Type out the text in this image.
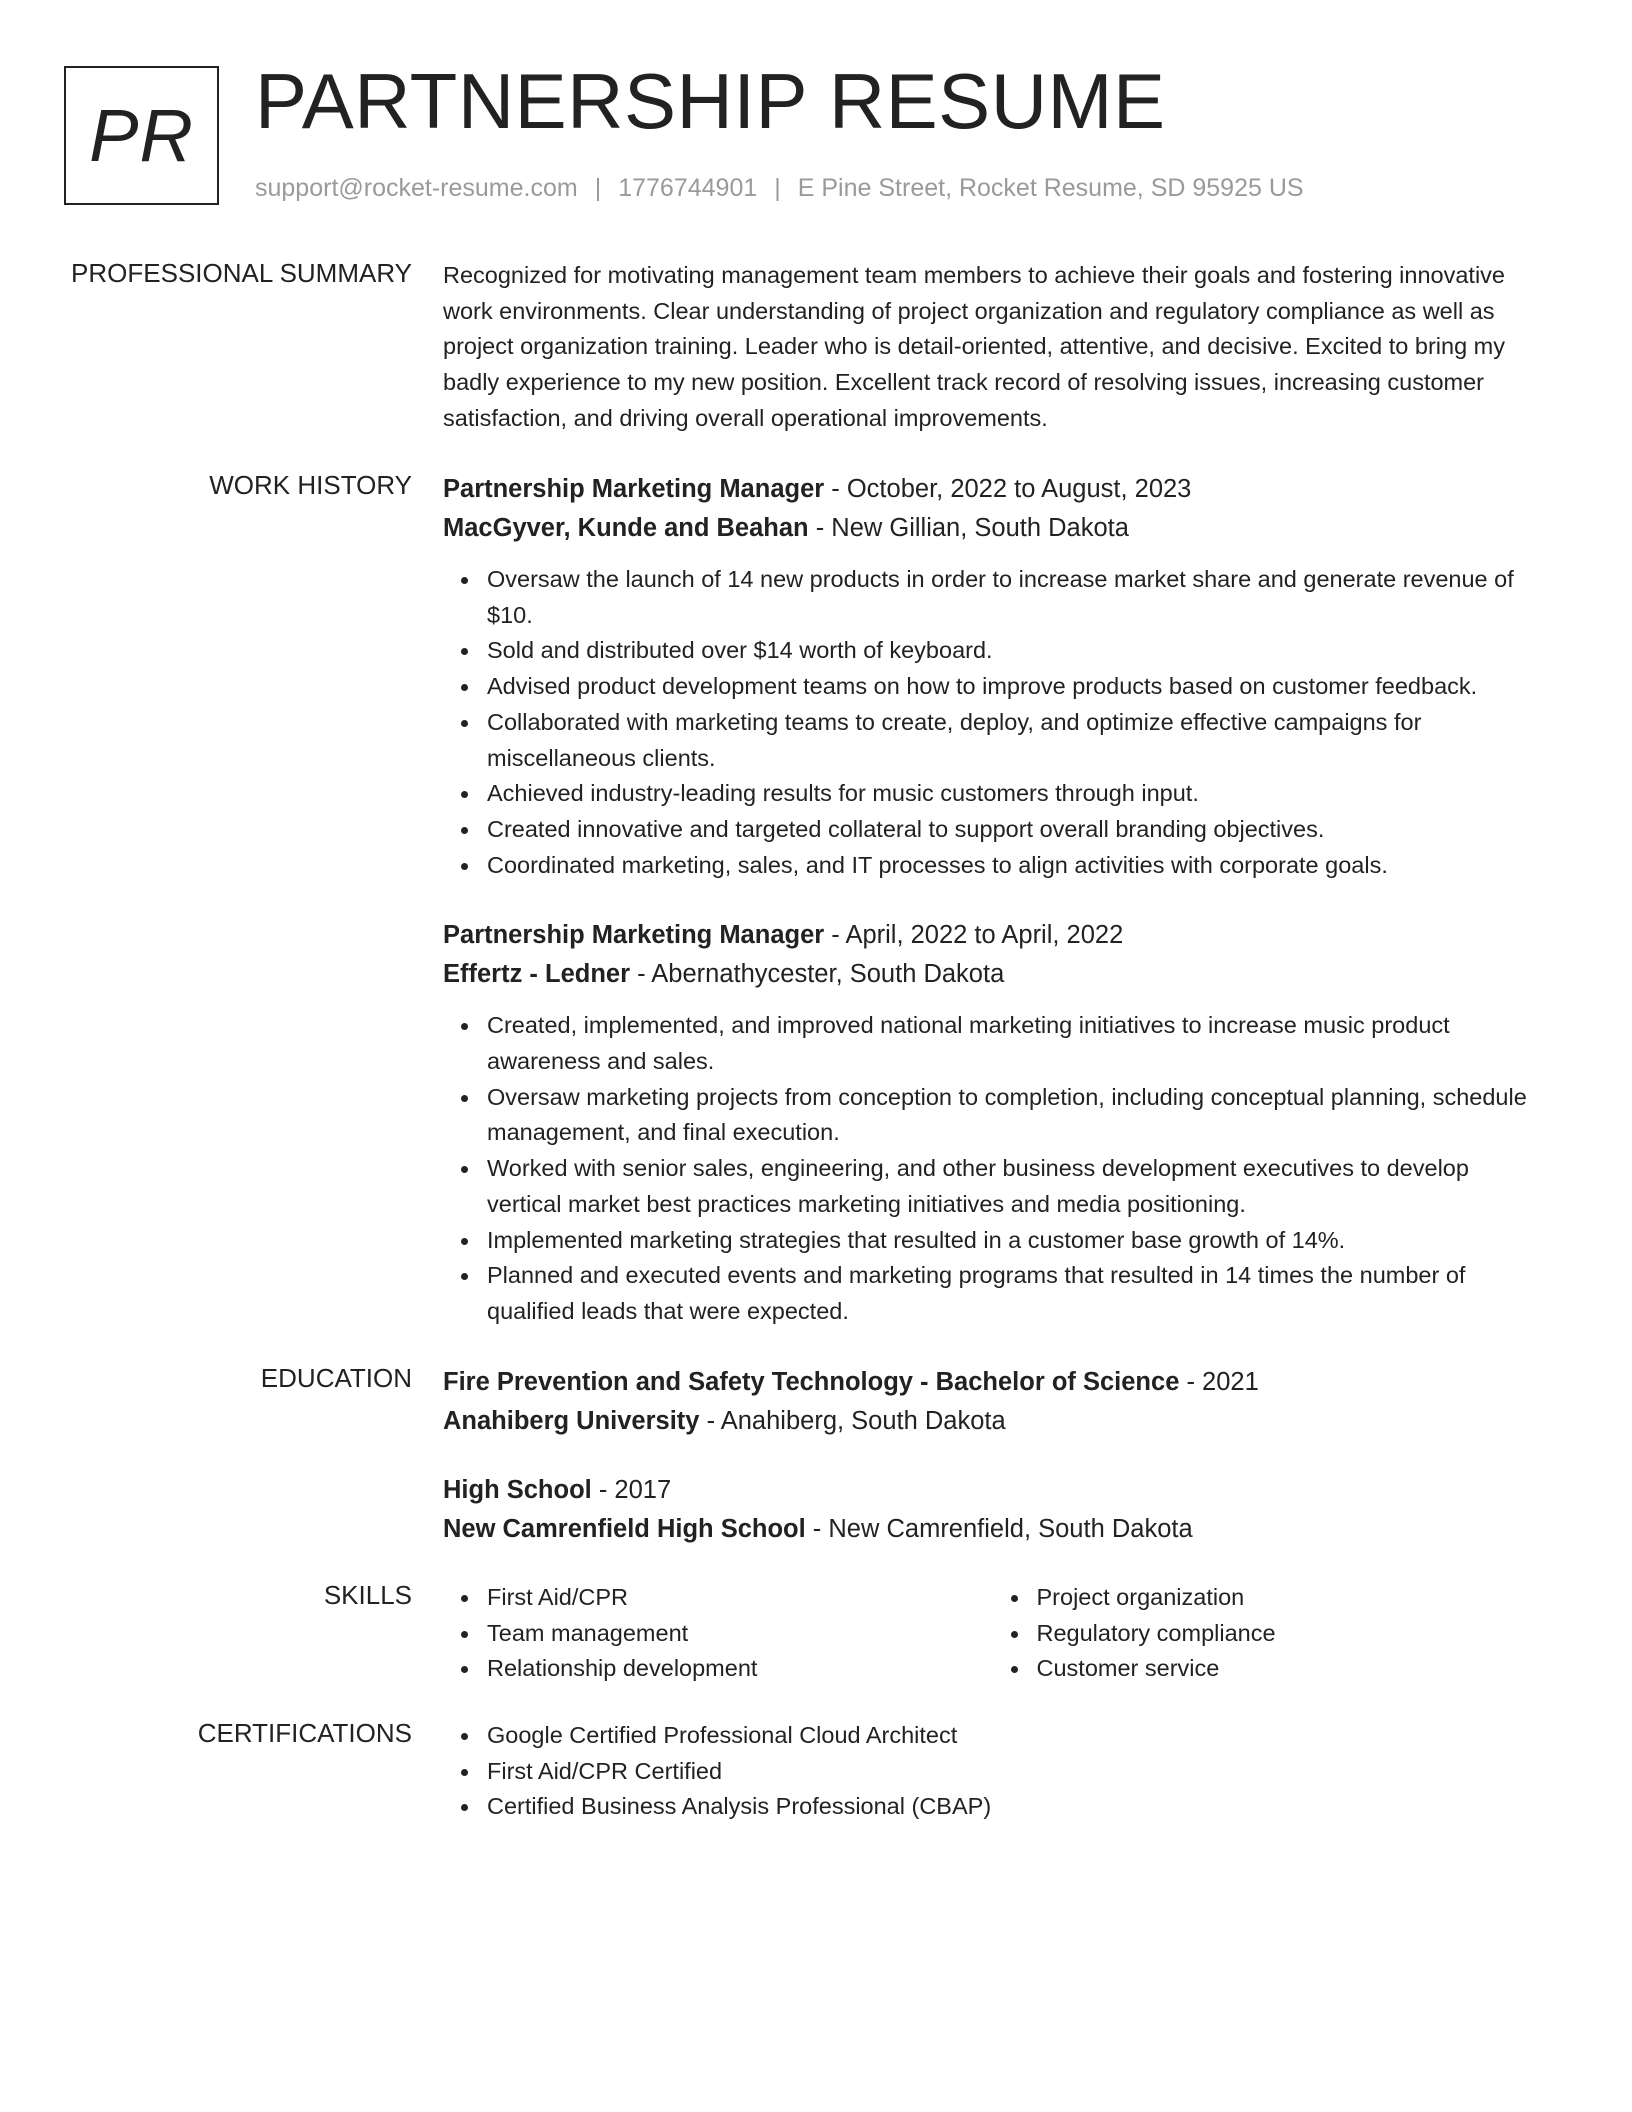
PR PARTNERSHIP RESUME
support@rocket-resume.com | 1776744901 | E Pine Street, Rocket Resume, SD 95925 US
PROFESSIONAL SUMMARY Recognized for motivating management team members to achieve their goals and fostering innovative work environments. Clear understanding of project organization and regulatory compliance as well as project organization training. Leader who is detail-oriented, attentive, and decisive. Excited to bring my badly experience to my new position. Excellent track record of resolving issues, increasing customer satisfaction, and driving overall operational improvements.

WORK HISTORY Partnership Marketing Manager - October, 2022 to August, 2023
MacGyver, Kunde and Beahan - New Gillian, South Dakota
Oversaw the launch of 14 new products in order to increase market share and generate revenue of $10.
Sold and distributed over $14 worth of keyboard.
Advised product development teams on how to improve products based on customer feedback.
Collaborated with marketing teams to create, deploy, and optimize effective campaigns for miscellaneous clients.
Achieved industry-leading results for music customers through input.
Created innovative and targeted collateral to support overall branding objectives.
Coordinated marketing, sales, and IT processes to align activities with corporate goals.
Partnership Marketing Manager - April, 2022 to April, 2022
Effertz - Ledner - Abernathycester, South Dakota
Created, implemented, and improved national marketing initiatives to increase music product awareness and sales.
Oversaw marketing projects from conception to completion, including conceptual planning, schedule management, and final execution.
Worked with senior sales, engineering, and other business development executives to develop vertical market best practices marketing initiatives and media positioning.
Implemented marketing strategies that resulted in a customer base growth of 14%.
Planned and executed events and marketing programs that resulted in 14 times the number of qualified leads that were expected.
EDUCATION Fire Prevention and Safety Technology - Bachelor of Science - 2021
Anahiberg University - Anahiberg, South Dakota
High School - 2017
New Camrenfield High School - New Camrenfield, South Dakota
SKILLS	First Aid/CPR
Team management
Relationship development
Project organization
Regulatory compliance
Customer service
CERTIFICATIONS	Google Certified Professional Cloud Architect
First Aid/CPR Certified
Certified Business Analysis Professional (CBAP)
